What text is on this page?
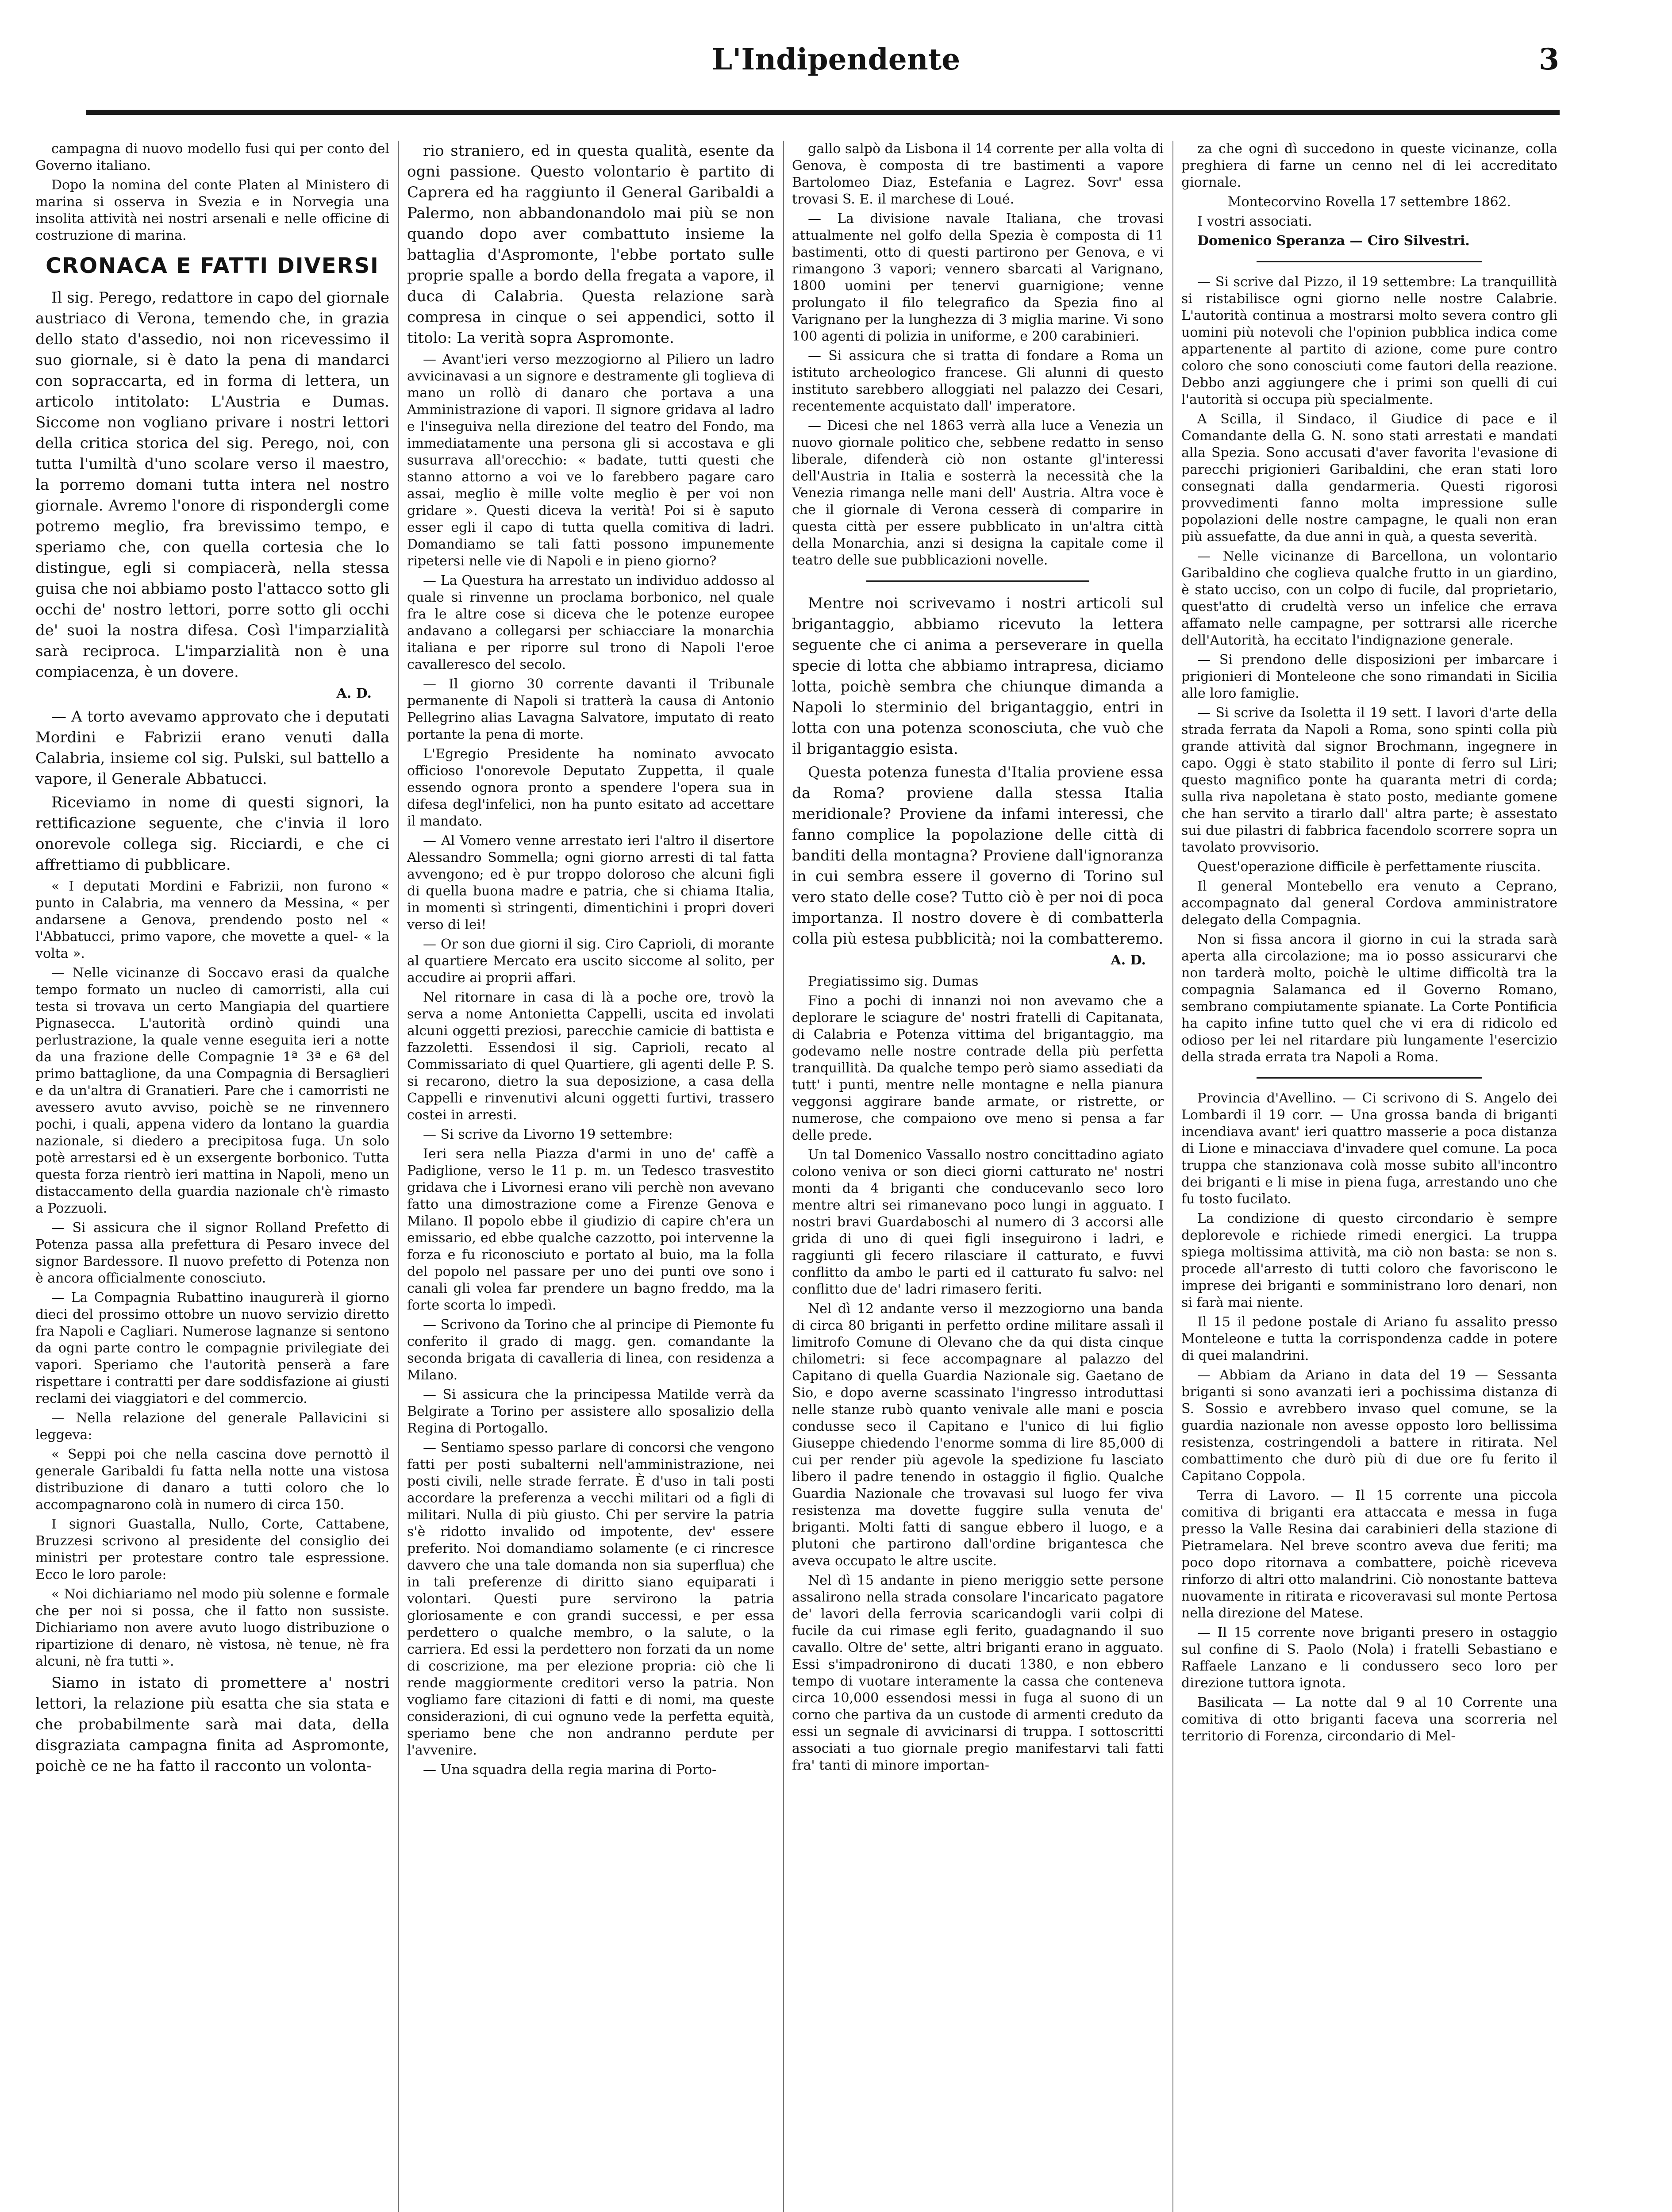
L'Indipendente	3

campagna di nuovo modello fusi qui per conto del Governo italiano.

Dopo la nomina del conte Platen al Ministero di marina si osserva in Svezia e in Norvegia una insolita attività nei nostri arsenali e nelle officine di costruzione di marina.

CRONACA E FATTI DIVERSI

Il sig. Perego, redattore in capo del giornale austriaco di Verona, temendo che, in grazia dello stato d'assedio, noi non ricevessimo il suo giornale, si è dato la pena di mandarci con sopraccarta, ed in forma di lettera, un articolo intitolato: L'Austria e Dumas. Siccome non vogliano privare i nostri lettori della critica storica del sig. Perego, noi, con tutta l'umiltà d'uno scolare verso il maestro, la porremo domani tutta intera nel nostro giornale. Avremo l'onore di rispondergli come potremo meglio, fra brevissimo tempo, e speriamo che, con quella cortesia che lo distingue, egli si compiacerà, nella stessa guisa che noi abbiamo posto l'attacco sotto gli occhi de' nostro lettori, porre sotto gli occhi de' suoi la nostra difesa. Così l'imparzialità sarà reciproca. L'imparzialità non è una compiacenza, è un dovere.

A. D.

— A torto avevamo approvato che i deputati Mordini e Fabrizii erano venuti dalla Calabria, insieme col sig. Pulski, sul battello a vapore, il Generale Abbatucci.

Riceviamo in nome di questi signori, la rettificazione seguente, che c'invia il loro onorevole collega sig. Ricciardi, e che ci affrettiamo di pubblicare.

« I deputati Mordini e Fabrizii, non furono « punto in Calabria, ma vennero da Messina, « per andarsene a Genova, prendendo posto nel « l'Abbatucci, primo vapore, che movette a quel- « la volta ».

— Nelle vicinanze di Soccavo erasi da qualche tempo formato un nucleo di camorristi, alla cui testa si trovava un certo Mangiapia del quartiere Pignasecca. L'autorità ordinò quindi una perlustrazione, la quale venne eseguita ieri a notte da una frazione delle Compagnie 1ª 3ª e 6ª del primo battaglione, da una Compagnia di Bersaglieri e da un'altra di Granatieri. Pare che i camorristi ne avessero avuto avviso, poichè se ne rinvennero pochi, i quali, appena videro da lontano la guardia nazionale, si diedero a precipitosa fuga. Un solo potè arrestarsi ed è un exsergente borbonico. Tutta questa forza rientrò ieri mattina in Napoli, meno un distaccamento della guardia nazionale ch'è rimasto a Pozzuoli.

— Si assicura che il signor Rolland Prefetto di Potenza passa alla prefettura di Pesaro invece del signor Bardessore. Il nuovo prefetto di Potenza non è ancora officialmente conosciuto.

— La Compagnia Rubattino inaugurerà il giorno dieci del prossimo ottobre un nuovo servizio diretto fra Napoli e Cagliari. Numerose lagnanze si sentono da ogni parte contro le compagnie privilegiate dei vapori. Speriamo che l'autorità penserà a fare rispettare i contratti per dare soddisfazione ai giusti reclami dei viaggiatori e del commercio.

— Nella relazione del generale Pallavicini si leggeva:

« Seppi poi che nella cascina dove pernottò il generale Garibaldi fu fatta nella notte una vistosa distribuzione di danaro a tutti coloro che lo accompagnarono colà in numero di circa 150.

I signori Guastalla, Nullo, Corte, Cattabene, Bruzzesi scrivono al presidente del consiglio dei ministri per protestare contro tale espressione. Ecco le loro parole:

« Noi dichiariamo nel modo più solenne e formale che per noi si possa, che il fatto non sussiste. Dichiariamo non avere avuto luogo distribuzione o ripartizione di denaro, nè vistosa, nè tenue, nè fra alcuni, nè fra tutti ».

Siamo in istato di promettere a' nostri lettori, la relazione più esatta che sia stata e che probabilmente sarà mai data, della disgraziata campagna finita ad Aspromonte, poichè ce ne ha fatto il racconto un volonta-

rio straniero, ed in questa qualità, esente da ogni passione. Questo volontario è partito di Caprera ed ha raggiunto il General Garibaldi a Palermo, non abbandonandolo mai più se non quando dopo aver combattuto insieme la battaglia d'Aspromonte, l'ebbe portato sulle proprie spalle a bordo della fregata a vapore, il duca di Calabria. Questa relazione sarà compresa in cinque o sei appendici, sotto il titolo: La verità sopra Aspromonte.

— Avant'ieri verso mezzogiorno al Piliero un ladro avvicinavasi a un signore e destramente gli toglieva di mano un rollò di danaro che portava a una Amministrazione di vapori. Il signore gridava al ladro e l'inseguiva nella direzione del teatro del Fondo, ma immediatamente una persona gli si accostava e gli susurrava all'orecchio: « badate, tutti questi che stanno attorno a voi ve lo farebbero pagare caro assai, meglio è mille volte meglio è per voi non gridare ». Questi diceva la verità! Poi si è saputo esser egli il capo di tutta quella comitiva di ladri. Domandiamo se tali fatti possono impunemente ripetersi nelle vie di Napoli e in pieno giorno?

— La Questura ha arrestato un individuo addosso al quale si rinvenne un proclama borbonico, nel quale fra le altre cose si diceva che le potenze europee andavano a collegarsi per schiacciare la monarchia italiana e per riporre sul trono di Napoli l'eroe cavalleresco del secolo.

— Il giorno 30 corrente davanti il Tribunale permanente di Napoli si tratterà la causa di Antonio Pellegrino alias Lavagna Salvatore, imputato di reato portante la pena di morte.

L'Egregio Presidente ha nominato avvocato officioso l'onorevole Deputato Zuppetta, il quale essendo ognora pronto a spendere l'opera sua in difesa degl'infelici, non ha punto esitato ad accettare il mandato.

— Al Vomero venne arrestato ieri l'altro il disertore Alessandro Sommella; ogni giorno arresti di tal fatta avvengono; ed è pur troppo doloroso che alcuni figli di quella buona madre e patria, che si chiama Italia, in momenti sì stringenti, dimentichini i propri doveri verso di lei!

— Or son due giorni il sig. Ciro Caprioli, di morante al quartiere Mercato era uscito siccome al solito, per accudire ai proprii affari.

Nel ritornare in casa di là a poche ore, trovò la serva a nome Antonietta Cappelli, uscita ed involati alcuni oggetti preziosi, parecchie camicie di battista e fazzoletti. Essendosi il sig. Caprioli, recato al Commissariato di quel Quartiere, gli agenti delle P. S. si recarono, dietro la sua deposizione, a casa della Cappelli e rinvenutivi alcuni oggetti furtivi, trassero costei in arresti.

— Si scrive da Livorno 19 settembre:

Ieri sera nella Piazza d'armi in uno de' caffè a Padiglione, verso le 11 p. m. un Tedesco trasvestito gridava che i Livornesi erano vili perchè non avevano fatto una dimostrazione come a Firenze Genova e Milano. Il popolo ebbe il giudizio di capire ch'era un emissario, ed ebbe qualche cazzotto, poi intervenne la forza e fu riconosciuto e portato al buio, ma la folla del popolo nel passare per uno dei punti ove sono i canali gli volea far prendere un bagno freddo, ma la forte scorta lo impedì.

— Scrivono da Torino che al principe di Piemonte fu conferito il grado di magg. gen. comandante la seconda brigata di cavalleria di linea, con residenza a Milano.

— Si assicura che la principessa Matilde verrà da Belgirate a Torino per assistere allo sposalizio della Regina di Portogallo.

— Sentiamo spesso parlare di concorsi che vengono fatti per posti subalterni nell'amministrazione, nei posti civili, nelle strade ferrate. È d'uso in tali posti accordare la preferenza a vecchi militari od a figli di militari. Nulla di più giusto. Chi per servire la patria s'è ridotto invalido od impotente, dev' essere preferito. Noi domandiamo solamente (e ci rincresce davvero che una tale domanda non sia superflua) che in tali preferenze di diritto siano equiparati i volontari. Questi pure servirono la patria gloriosamente e con grandi successi, e per essa perdettero o qualche membro, o la salute, o la carriera. Ed essi la perdettero non forzati da un nome di coscrizione, ma per elezione propria: ciò che li rende maggiormente creditori verso la patria. Non vogliamo fare citazioni di fatti e di nomi, ma queste considerazioni, di cui ognuno vede la perfetta equità, speriamo bene che non andranno perdute per l'avvenire.

— Una squadra della regia marina di Porto-

gallo salpò da Lisbona il 14 corrente per alla volta di Genova, è composta di tre bastimenti a vapore Bartolomeo Diaz, Estefania e Lagrez. Sovr' essa trovasi S. E. il marchese di Loué.

— La divisione navale Italiana, che trovasi attualmente nel golfo della Spezia è composta di 11 bastimenti, otto di questi partirono per Genova, e vi rimangono 3 vapori; vennero sbarcati al Varignano, 1800 uomini per tenervi guarnigione; venne prolungato il filo telegrafico da Spezia fino al Varignano per la lunghezza di 3 miglia marine. Vi sono 100 agenti di polizia in uniforme, e 200 carabinieri.

— Si assicura che si tratta di fondare a Roma un istituto archeologico francese. Gli alunni di questo instituto sarebbero alloggiati nel palazzo dei Cesari, recentemente acquistato dall' imperatore.

— Dicesi che nel 1863 verrà alla luce a Venezia un nuovo giornale politico che, sebbene redatto in senso liberale, difenderà ciò non ostante gl'interessi dell'Austria in Italia e sosterrà la necessità che la Venezia rimanga nelle mani dell' Austria. Altra voce è che il giornale di Verona cesserà di comparire in questa città per essere pubblicato in un'altra città della Monarchia, anzi si designa la capitale come il teatro delle sue pubblicazioni novelle.

Mentre noi scrivevamo i nostri articoli sul brigantaggio, abbiamo ricevuto la lettera seguente che ci anima a perseverare in quella specie di lotta che abbiamo intrapresa, diciamo lotta, poichè sembra che chiunque dimanda a Napoli lo sterminio del brigantaggio, entri in lotta con una potenza sconosciuta, che vuò che il brigantaggio esista.

Questa potenza funesta d'Italia proviene essa da Roma? proviene dalla stessa Italia meridionale? Proviene da infami interessi, che fanno complice la popolazione delle città di banditi della montagna? Proviene dall'ignoranza in cui sembra essere il governo di Torino sul vero stato delle cose? Tutto ciò è per noi di poca importanza. Il nostro dovere è di combatterla colla più estesa pubblicità; noi la combatteremo.

A. D.

Pregiatissimo sig. Dumas

Fino a pochi di innanzi noi non avevamo che a deplorare le sciagure de' nostri fratelli di Capitanata, di Calabria e Potenza vittima del brigantaggio, ma godevamo nelle nostre contrade della più perfetta tranquillità. Da qualche tempo però siamo assediati da tutt' i punti, mentre nelle montagne e nella pianura veggonsi aggirare bande armate, or ristrette, or numerose, che compaiono ove meno si pensa a far delle prede.

Un tal Domenico Vassallo nostro concittadino agiato colono veniva or son dieci giorni catturato ne' nostri monti da 4 briganti che conducevanlo seco loro mentre altri sei rimanevano poco lungi in agguato. I nostri bravi Guardaboschi al numero di 3 accorsi alle grida di uno di quei figli inseguirono i ladri, e raggiunti gli fecero rilasciare il catturato, e fuvvi conflitto da ambo le parti ed il catturato fu salvo: nel conflitto due de' ladri rimasero feriti.

Nel dì 12 andante verso il mezzogiorno una banda di circa 80 briganti in perfetto ordine militare assalì il limitrofo Comune di Olevano che da qui dista cinque chilometri: si fece accompagnare al palazzo del Capitano di quella Guardia Nazionale sig. Gaetano de Sio, e dopo averne scassinato l'ingresso introduttasi nelle stanze rubò quanto venivale alle mani e poscia condusse seco il Capitano e l'unico di lui figlio Giuseppe chiedendo l'enorme somma di lire 85,000 di cui per render più agevole la spedizione fu lasciato libero il padre tenendo in ostaggio il figlio. Qualche Guardia Nazionale che trovavasi sul luogo fer viva resistenza ma dovette fuggire sulla venuta de' briganti. Molti fatti di sangue ebbero il luogo, e a plutoni che partirono dall'ordine brigantesca che aveva occupato le altre uscite.

Nel dì 15 andante in pieno meriggio sette persone assalirono nella strada consolare l'incaricato pagatore de' lavori della ferrovia scaricandogli varii colpi di fucile da cui rimase egli ferito, guadagnando il suo cavallo. Oltre de' sette, altri briganti erano in agguato. Essi s'impadronirono di ducati 1380, e non ebbero tempo di vuotare interamente la cassa che conteneva circa 10,000 essendosi messi in fuga al suono di un corno che partiva da un custode di armenti creduto da essi un segnale di avvicinarsi di truppa. I sottoscritti associati a tuo giornale pregio manifestarvi tali fatti fra' tanti di minore importan-

za che ogni dì succedono in queste vicinanze, colla preghiera di farne un cenno nel di lei accreditato giornale.

Montecorvino Rovella 17 settembre 1862.

I vostri associati.

Domenico Speranza — Ciro Silvestri.

— Si scrive dal Pizzo, il 19 settembre: La tranquillità si ristabilisce ogni giorno nelle nostre Calabrie. L'autorità continua a mostrarsi molto severa contro gli uomini più notevoli che l'opinion pubblica indica come appartenente al partito di azione, come pure contro coloro che sono conosciuti come fautori della reazione. Debbo anzi aggiungere che i primi son quelli di cui l'autorità si occupa più specialmente.

A Scilla, il Sindaco, il Giudice di pace e il Comandante della G. N. sono stati arrestati e mandati alla Spezia. Sono accusati d'aver favorita l'evasione di parecchi prigionieri Garibaldini, che eran stati loro consegnati dalla gendarmeria. Questi rigorosi provvedimenti fanno molta impressione sulle popolazioni delle nostre campagne, le quali non eran più assuefatte, da due anni in quà, a questa severità.

— Nelle vicinanze di Barcellona, un volontario Garibaldino che coglieva qualche frutto in un giardino, è stato ucciso, con un colpo di fucile, dal proprietario, quest'atto di crudeltà verso un infelice che errava affamato nelle campagne, per sottrarsi alle ricerche dell'Autorità, ha eccitato l'indignazione generale.

— Si prendono delle disposizioni per imbarcare i prigionieri di Monteleone che sono rimandati in Sicilia alle loro famiglie.

— Si scrive da Isoletta il 19 sett. I lavori d'arte della strada ferrata da Napoli a Roma, sono spinti colla più grande attività dal signor Brochmann, ingegnere in capo. Oggi è stato stabilito il ponte di ferro sul Liri; questo magnifico ponte ha quaranta metri di corda; sulla riva napoletana è stato posto, mediante gomene che han servito a tirarlo dall' altra parte; è assestato sui due pilastri di fabbrica facendolo scorrere sopra un tavolato provvisorio.

Quest'operazione difficile è perfettamente riuscita.

Il general Montebello era venuto a Ceprano, accompagnato dal general Cordova amministratore delegato della Compagnia.

Non si fissa ancora il giorno in cui la strada sarà aperta alla circolazione; ma io posso assicurarvi che non tarderà molto, poichè le ultime difficoltà tra la compagnia Salamanca ed il Governo Romano, sembrano compiutamente spianate. La Corte Pontificia ha capito infine tutto quel che vi era di ridicolo ed odioso per lei nel ritardare più lungamente l'esercizio della strada errata tra Napoli a Roma.

Provincia d'Avellino. — Ci scrivono di S. Angelo dei Lombardi il 19 corr. — Una grossa banda di briganti incendiava avant' ieri quattro masserie a poca distanza di Lione e minacciava d'invadere quel comune. La poca truppa che stanzionava colà mosse subito all'incontro dei briganti e li mise in piena fuga, arrestando uno che fu tosto fucilato.

La condizione di questo circondario è sempre deplorevole e richiede rimedi energici. La truppa spiega moltissima attività, ma ciò non basta: se non s. procede all'arresto di tutti coloro che favoriscono le imprese dei briganti e somministrano loro denari, non si farà mai niente.

Il 15 il pedone postale di Ariano fu assalito presso Monteleone e tutta la corrispondenza cadde in potere di quei malandrini.

— Abbiam da Ariano in data del 19 — Sessanta briganti si sono avanzati ieri a pochissima distanza di S. Sossio e avrebbero invaso quel comune, se la guardia nazionale non avesse opposto loro bellissima resistenza, costringendoli a battere in ritirata. Nel combattimento che durò più di due ore fu ferito il Capitano Coppola.

Terra di Lavoro. — Il 15 corrente una piccola comitiva di briganti era attaccata e messa in fuga presso la Valle Resina dai carabinieri della stazione di Pietramelara. Nel breve scontro aveva due feriti; ma poco dopo ritornava a combattere, poichè riceveva rinforzo di altri otto malandrini. Ciò nonostante batteva nuovamente in ritirata e ricoveravasi sul monte Pertosa nella direzione del Matese.

— Il 15 corrente nove briganti presero in ostaggio sul confine di S. Paolo (Nola) i fratelli Sebastiano e Raffaele Lanzano e li condussero seco loro per direzione tuttora ignota.

Basilicata — La notte dal 9 al 10 Corrente una comitiva di otto briganti faceva una scorreria nel territorio di Forenza, circondario di Mel-
